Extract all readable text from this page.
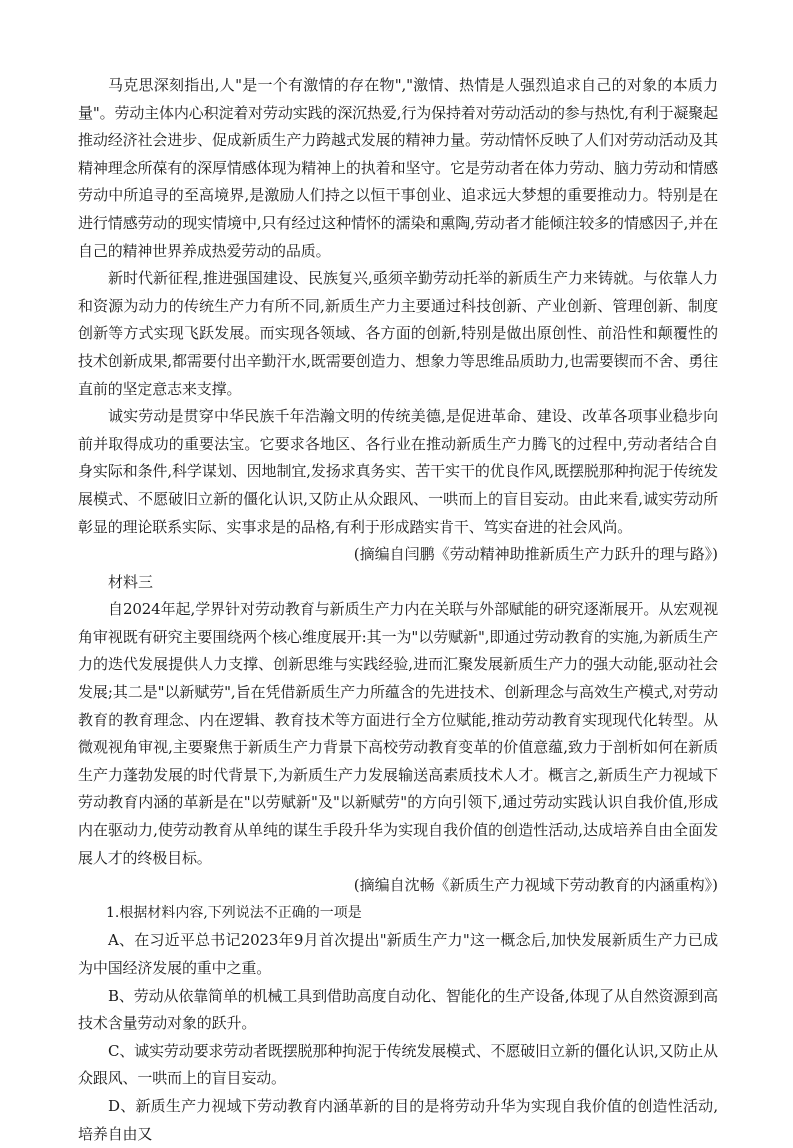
马克思深刻指出,人"是一个有激情的存在物","激情、热情是人强烈追求自己的对象的本质力量"。劳动主体内心积淀着对劳动实践的深沉热爱,行为保持着对劳动活动的参与热忱,有利于凝聚起推动经济社会进步、促成新质生产力跨越式发展的精神力量。劳动情怀反映了人们对劳动活动及其精神理念所葆有的深厚情感体现为精神上的执着和坚守。它是劳动者在体力劳动、脑力劳动和情感劳动中所追寻的至高境界,是激励人们持之以恒干事创业、追求远大梦想的重要推动力。特别是在进行情感劳动的现实情境中,只有经过这种情怀的濡染和熏陶,劳动者才能倾注较多的情感因子,并在自己的精神世界养成热爱劳动的品质。

新时代新征程,推进强国建设、民族复兴,亟须辛勤劳动托举的新质生产力来铸就。与依靠人力和资源为动力的传统生产力有所不同,新质生产力主要通过科技创新、产业创新、管理创新、制度创新等方式实现飞跃发展。而实现各领域、各方面的创新,特别是做出原创性、前沿性和颠覆性的技术创新成果,都需要付出辛勤汗水,既需要创造力、想象力等思维品质助力,也需要锲而不舍、勇往直前的坚定意志来支撑。

诚实劳动是贯穿中华民族千年浩瀚文明的传统美德,是促进革命、建设、改革各项事业稳步向前并取得成功的重要法宝。它要求各地区、各行业在推动新质生产力腾飞的过程中,劳动者结合自身实际和条件,科学谋划、因地制宜,发扬求真务实、苦干实干的优良作风,既摆脱那种拘泥于传统发展模式、不愿破旧立新的僵化认识,又防止从众跟风、一哄而上的盲目妄动。由此来看,诚实劳动所彰显的理论联系实际、实事求是的品格,有利于形成踏实肯干、笃实奋进的社会风尚。

(摘编自闫鹏《劳动精神助推新质生产力跃升的理与路》)

材料三

自2024年起,学界针对劳动教育与新质生产力内在关联与外部赋能的研究逐渐展开。从宏观视角审视既有研究主要围绕两个核心维度展开:其一为"以劳赋新",即通过劳动教育的实施,为新质生产力的迭代发展提供人力支撑、创新思维与实践经验,进而汇聚发展新质生产力的强大动能,驱动社会发展;其二是"以新赋劳",旨在凭借新质生产力所蕴含的先进技术、创新理念与高效生产模式,对劳动教育的教育理念、内在逻辑、教育技术等方面进行全方位赋能,推动劳动教育实现现代化转型。从微观视角审视,主要聚焦于新质生产力背景下高校劳动教育变革的价值意蕴,致力于剖析如何在新质生产力蓬勃发展的时代背景下,为新质生产力发展输送高素质技术人才。概言之,新质生产力视域下劳动教育内涵的革新是在"以劳赋新"及"以新赋劳"的方向引领下,通过劳动实践认识自我价值,形成内在驱动力,使劳动教育从单纯的谋生手段升华为实现自我价值的创造性活动,达成培养自由全面发展人才的终极目标。

(摘编自沈畅《新质生产力视域下劳动教育的内涵重构》)

1.根据材料内容,下列说法不正确的一项是

A、在习近平总书记2023年9月首次提出"新质生产力"这一概念后,加快发展新质生产力已成为中国经济发展的重中之重。

B、劳动从依靠简单的机械工具到借助高度自动化、智能化的生产设备,体现了从自然资源到高技术含量劳动对象的跃升。

C、诚实劳动要求劳动者既摆脱那种拘泥于传统发展模式、不愿破旧立新的僵化认识,又防止从众跟风、一哄而上的盲目妄动。

D、新质生产力视域下劳动教育内涵革新的目的是将劳动升华为实现自我价值的创造性活动,培养自由又
